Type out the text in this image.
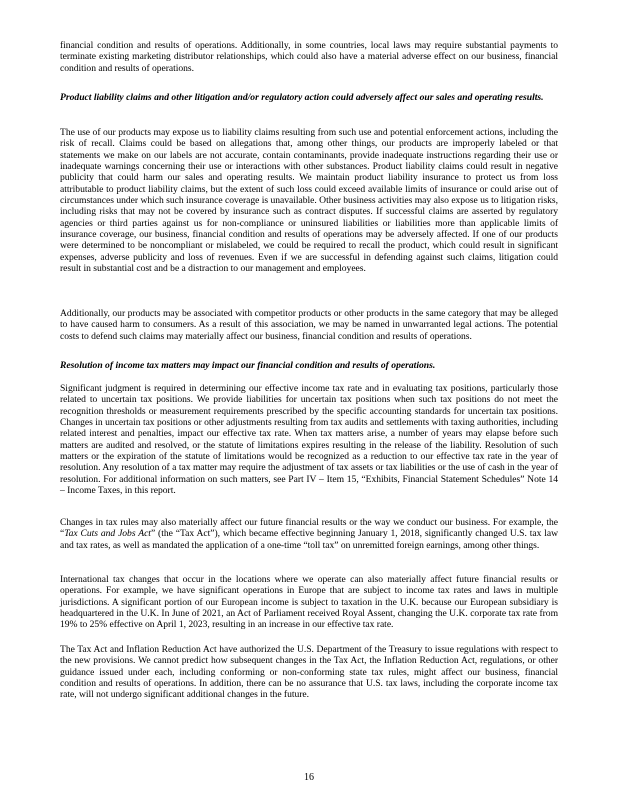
financial condition and results of operations. Additionally, in some countries, local laws may require substantial payments to terminate existing marketing distributor relationships, which could also have a material adverse effect on our business, financial condition and results of operations.

Product liability claims and other litigation and/or regulatory action could adversely affect our sales and operating results.

The use of our products may expose us to liability claims resulting from such use and potential enforcement actions, including the risk of recall. Claims could be based on allegations that, among other things, our products are improperly labeled or that statements we make on our labels are not accurate, contain contaminants, provide inadequate instructions regarding their use or inadequate warnings concerning their use or interactions with other substances. Product liability claims could result in negative publicity that could harm our sales and operating results. We maintain product liability insurance to protect us from loss attributable to product liability claims, but the extent of such loss could exceed available limits of insurance or could arise out of circumstances under which such insurance coverage is unavailable. Other business activities may also expose us to litigation risks, including risks that may not be covered by insurance such as contract disputes. If successful claims are asserted by regulatory agencies or third parties against us for non-compliance or uninsured liabilities or liabilities more than applicable limits of insurance coverage, our business, financial condition and results of operations may be adversely affected. If one of our products were determined to be noncompliant or mislabeled, we could be required to recall the product, which could result in significant expenses, adverse publicity and loss of revenues. Even if we are successful in defending against such claims, litigation could result in substantial cost and be a distraction to our management and employees.

Additionally, our products may be associated with competitor products or other products in the same category that may be alleged to have caused harm to consumers. As a result of this association, we may be named in unwarranted legal actions. The potential costs to defend such claims may materially affect our business, financial condition and results of operations.

Resolution of income tax matters may impact our financial condition and results of operations.

Significant judgment is required in determining our effective income tax rate and in evaluating tax positions, particularly those related to uncertain tax positions. We provide liabilities for uncertain tax positions when such tax positions do not meet the recognition thresholds or measurement requirements prescribed by the specific accounting standards for uncertain tax positions. Changes in uncertain tax positions or other adjustments resulting from tax audits and settlements with taxing authorities, including related interest and penalties, impact our effective tax rate. When tax matters arise, a number of years may elapse before such matters are audited and resolved, or the statute of limitations expires resulting in the release of the liability. Resolution of such matters or the expiration of the statute of limitations would be recognized as a reduction to our effective tax rate in the year of resolution. Any resolution of a tax matter may require the adjustment of tax assets or tax liabilities or the use of cash in the year of resolution. For additional information on such matters, see Part IV – Item 15, “Exhibits, Financial Statement Schedules” Note 14 – Income Taxes, in this report.

Changes in tax rules may also materially affect our future financial results or the way we conduct our business. For example, the “Tax Cuts and Jobs Act” (the “Tax Act”), which became effective beginning January 1, 2018, significantly changed U.S. tax law and tax rates, as well as mandated the application of a one-time “toll tax” on unremitted foreign earnings, among other things.

International tax changes that occur in the locations where we operate can also materially affect future financial results or operations. For example, we have significant operations in Europe that are subject to income tax rates and laws in multiple jurisdictions. A significant portion of our European income is subject to taxation in the U.K. because our European subsidiary is headquartered in the U.K. In June of 2021, an Act of Parliament received Royal Assent, changing the U.K. corporate tax rate from 19% to 25% effective on April 1, 2023, resulting in an increase in our effective tax rate.

The Tax Act and Inflation Reduction Act have authorized the U.S. Department of the Treasury to issue regulations with respect to the new provisions. We cannot predict how subsequent changes in the Tax Act, the Inflation Reduction Act, regulations, or other guidance issued under each, including conforming or non-conforming state tax rules, might affect our business, financial condition and results of operations. In addition, there can be no assurance that U.S. tax laws, including the corporate income tax rate, will not undergo significant additional changes in the future.

16
